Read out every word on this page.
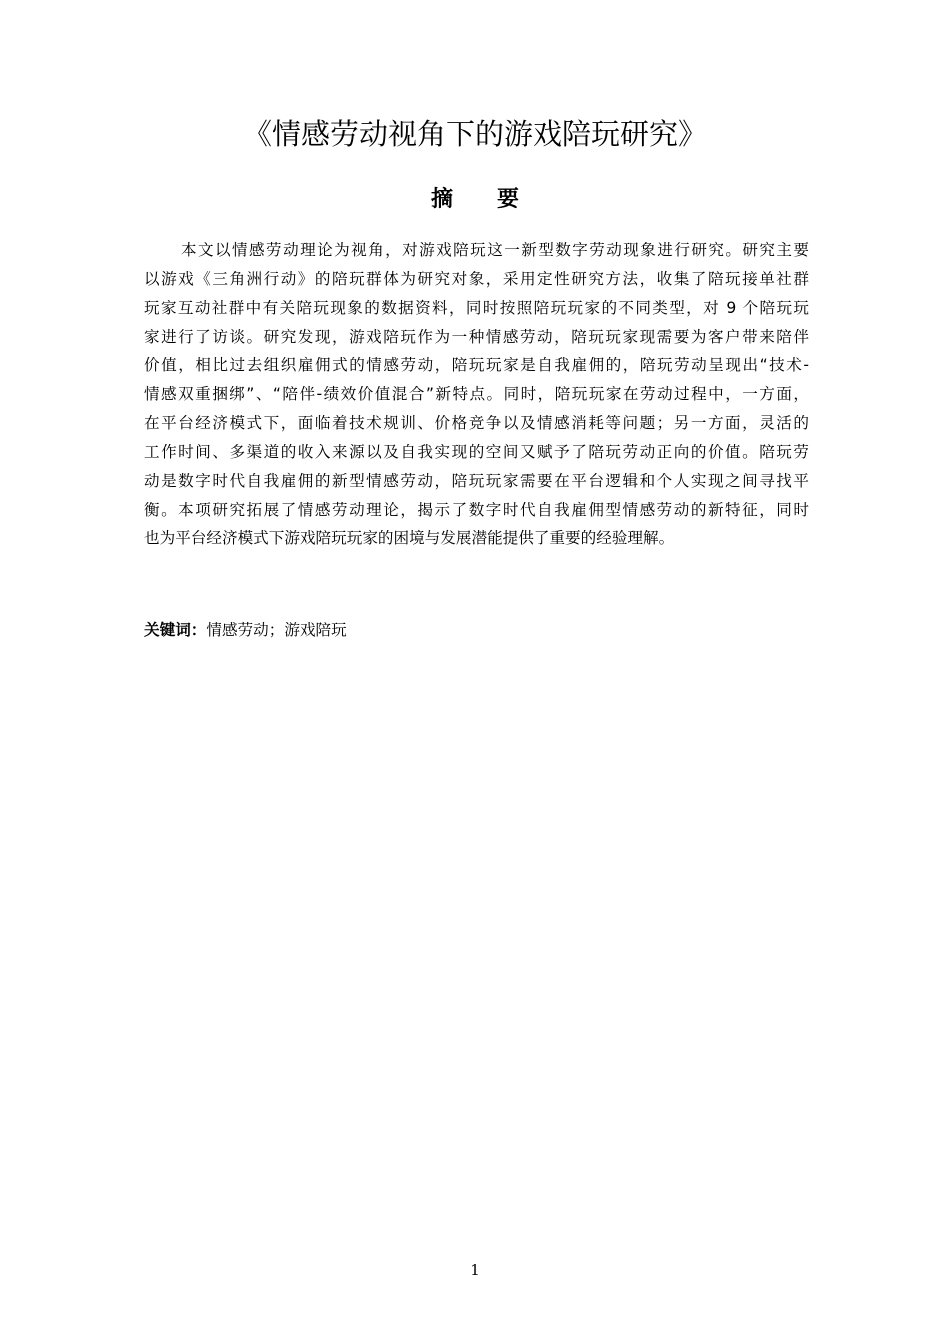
《情感劳动视角下的游戏陪玩研究》
摘 要

本文以情感劳动理论为视角，对游戏陪玩这一新型数字劳动现象进行研究。研究主要
以游戏《三角洲行动》的陪玩群体为研究对象，采用定性研究方法，收集了陪玩接单社群
玩家互动社群中有关陪玩现象的数据资料，同时按照陪玩玩家的不同类型，对 9 个陪玩玩
家进行了访谈。研究发现，游戏陪玩作为一种情感劳动，陪玩玩家现需要为客户带来陪伴
价值，相比过去组织雇佣式的情感劳动，陪玩玩家是自我雇佣的，陪玩劳动呈现出“技术-
情感双重捆绑”、“陪伴-绩效价值混合”新特点。同时，陪玩玩家在劳动过程中，一方面，
在平台经济模式下，面临着技术规训、价格竞争以及情感消耗等问题；另一方面，灵活的
工作时间、多渠道的收入来源以及自我实现的空间又赋予了陪玩劳动正向的价值。陪玩劳
动是数字时代自我雇佣的新型情感劳动，陪玩玩家需要在平台逻辑和个人实现之间寻找平
衡。本项研究拓展了情感劳动理论，揭示了数字时代自我雇佣型情感劳动的新特征，同时
也为平台经济模式下游戏陪玩玩家的困境与发展潜能提供了重要的经验理解。

关键词：情感劳动；游戏陪玩

1
